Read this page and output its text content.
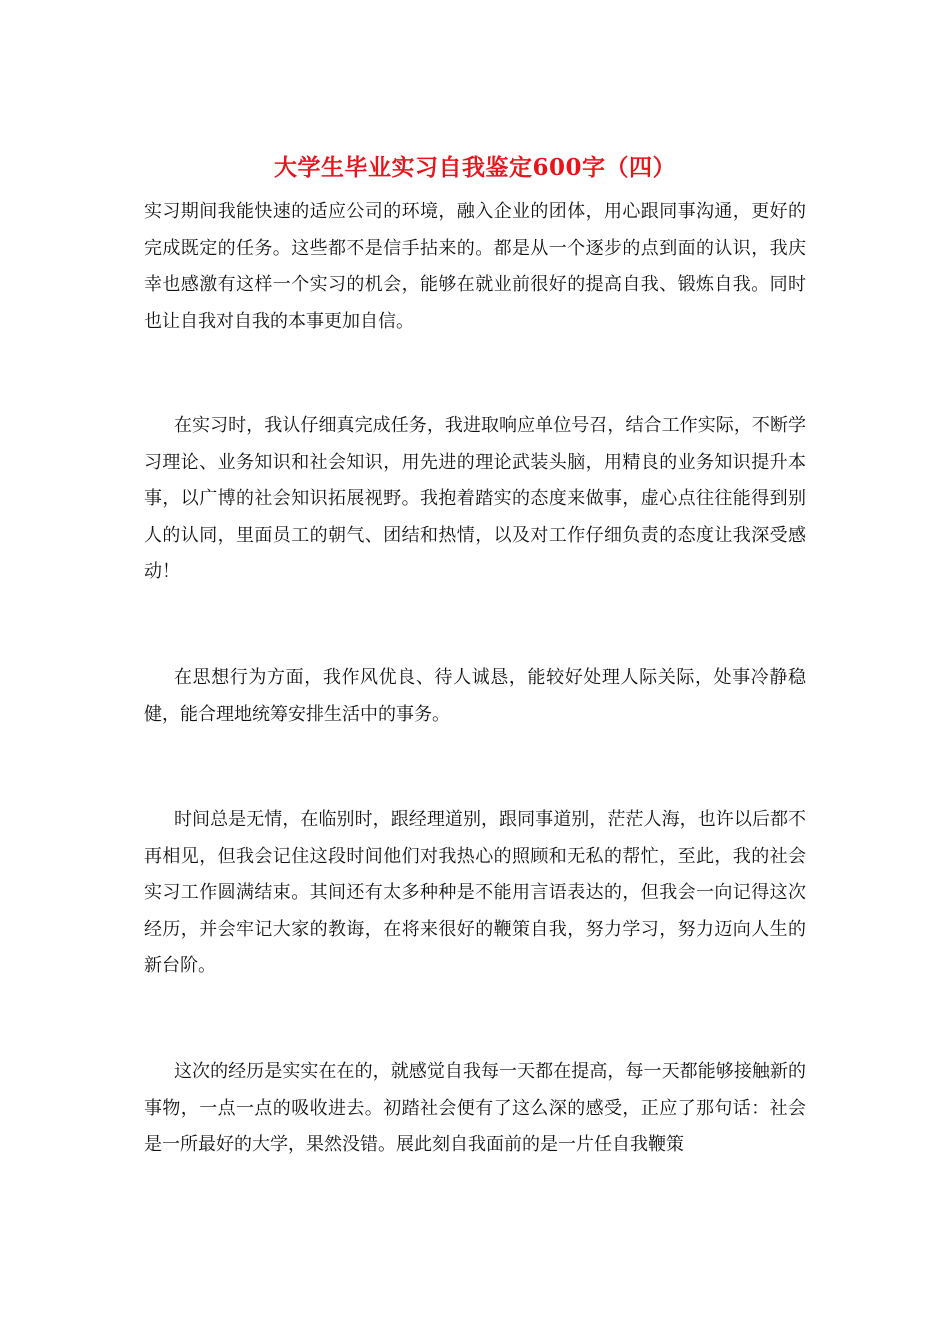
大学生毕业实习自我鉴定600字（四）

实习期间我能快速的适应公司的环境，融入企业的团体，用心跟同事沟通，更好的完成既定的任务。这些都不是信手拈来的。都是从一个逐步的点到面的认识，我庆幸也感激有这样一个实习的机会，能够在就业前很好的提高自我、锻炼自我。同时也让自我对自我的本事更加自信。

在实习时，我认仔细真完成任务，我进取响应单位号召，结合工作实际，不断学习理论、业务知识和社会知识，用先进的理论武装头脑，用精良的业务知识提升本事，以广博的社会知识拓展视野。我抱着踏实的态度来做事，虚心点往往能得到别人的认同，里面员工的朝气、团结和热情，以及对工作仔细负责的态度让我深受感动！

在思想行为方面，我作风优良、待人诚恳，能较好处理人际关际，处事冷静稳健，能合理地统筹安排生活中的事务。

时间总是无情，在临别时，跟经理道别，跟同事道别，茫茫人海，也许以后都不再相见，但我会记住这段时间他们对我热心的照顾和无私的帮忙，至此，我的社会实习工作圆满结束。其间还有太多种种是不能用言语表达的，但我会一向记得这次经历，并会牢记大家的教诲，在将来很好的鞭策自我，努力学习，努力迈向人生的新台阶。

这次的经历是实实在在的，就感觉自我每一天都在提高，每一天都能够接触新的事物，一点一点的吸收进去。初踏社会便有了这么深的感受，正应了那句话：社会是一所最好的大学，果然没错。展此刻自我面前的是一片任自我鞭策
